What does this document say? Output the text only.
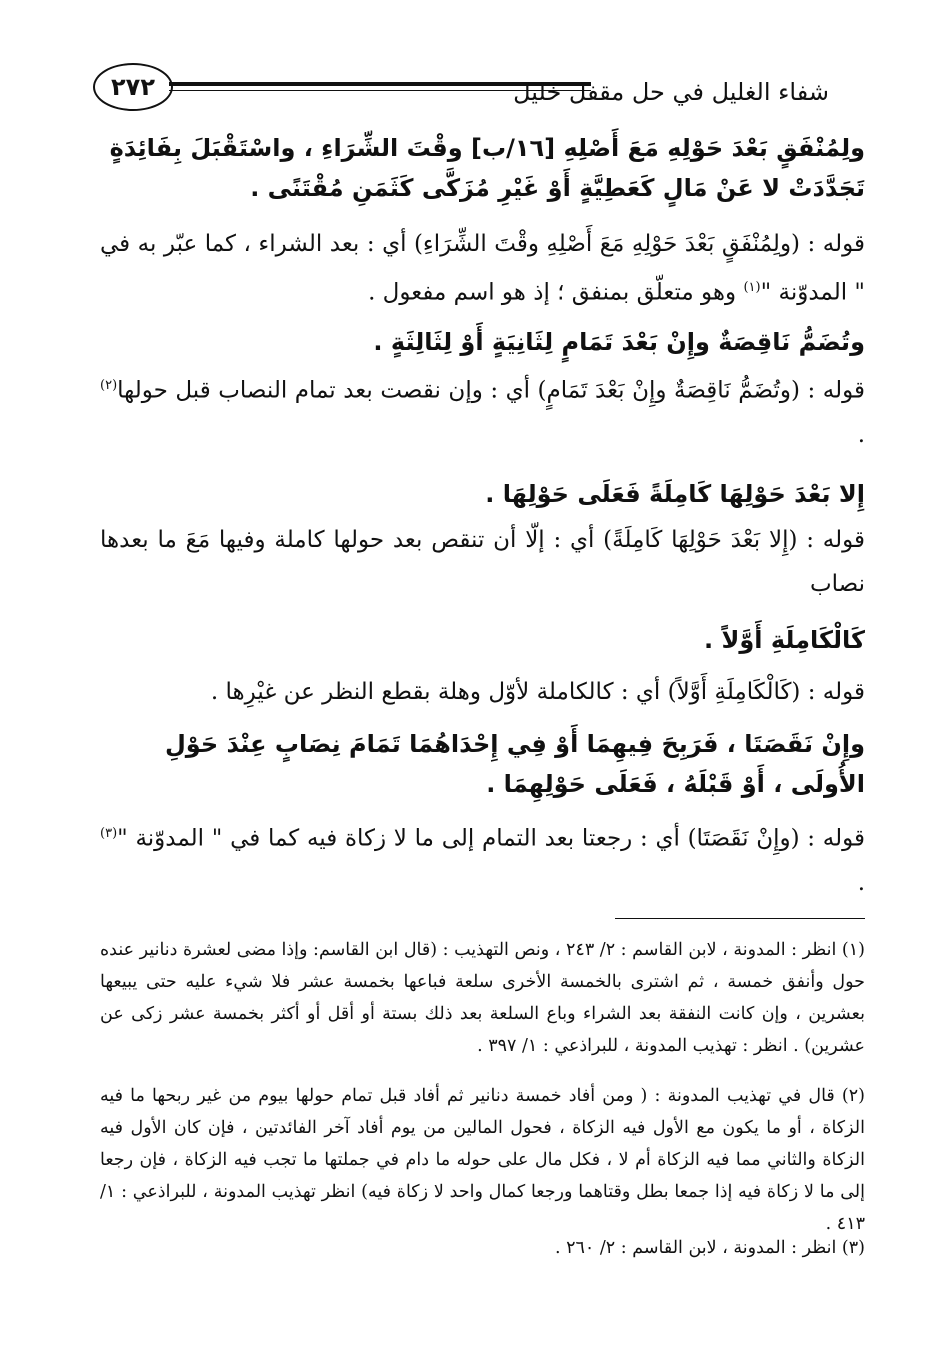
٢٧٢	شفاء الغليل في حل مقفل خليل
ولِمُنْفَقٍ بَعْدَ حَوْلِهِ مَعَ أَصْلِهِ [١٦/ب] وقْتَ الشِّرَاءِ ، واسْتَقْبَلَ بِفَائِدَةٍ تَجَدَّدَتْ لا عَنْ مَالٍ كَعَطِيَّةٍ أَوْ غَيْرِ مُزَكَّى كَثَمَنِ مُقْتَنًى .
قوله : (ولِمُنْفَقٍ بَعْدَ حَوْلِهِ مَعَ أَصْلِهِ وقْتَ الشِّرَاءِ) أي : بعد الشراء ، كما عبّر به في " المدوّنة "$^{(١)}$ وهو متعلّق بمنفق ؛ إذ هو اسم مفعول .
وتُضَمُّ نَاقِصَةٌ وإِنْ بَعْدَ تَمَامٍ لِثَانِيَةٍ أَوْ لِثَالِثَةٍ .
قوله : (وتُضَمُّ نَاقِصَةٌ وإِنْ بَعْدَ تَمَامٍ) أي : وإن نقصت بعد تمام النصاب قبل حولها$^{(٢)}$ .
إِلا بَعْدَ حَوْلِهَا كَامِلَةً فَعَلَى حَوْلِهَا .
قوله : (إِلا بَعْدَ حَوْلِهَا كَامِلَةً) أي : إلّا أن تنقص بعد حولها كاملة وفيها مَعَ ما بعدها نصاب
كَالْكَامِلَةِ أَوَّلاً .
قوله : (كَالْكَامِلَةِ أَوَّلاً) أي : كالكاملة لأوّل وهلة بقطع النظر عن غيْرِها .
وإِنْ نَقَصَتَا ، فَرَبِحَ فِيهِمَا أَوْ فِي إِحْدَاهُمَا تَمَامَ نِصَابٍ عِنْدَ حَوْلِ الأُولَى ، أَوْ قَبْلَهُ ، فَعَلَى حَوْلِهِمَا .
قوله : (وإِنْ نَقَصَتَا) أي : رجعتا بعد التمام إلى ما لا زكاة فيه كما في " المدوّنة "$^{(٣)}$ .
(١) انظر : المدونة ، لابن القاسم : ٢/ ٢٤٣ ، ونص التهذيب : (قال ابن القاسم: وإذا مضى لعشرة دنانير عنده حول وأنفق خمسة ، ثم اشترى بالخمسة الأخرى سلعة فباعها بخمسة عشر فلا شيء عليه حتى يبيعها بعشرين ، وإن كانت النفقة بعد الشراء وباع السلعة بعد ذلك بستة أو أقل أو أكثر بخمسة عشر زكى عن عشرين) . انظر : تهذيب المدونة ، للبراذعي : ١/ ٣٩٧ .
(٢) قال في تهذيب المدونة : ( ومن أفاد خمسة دنانير ثم أفاد قبل تمام حولها بيوم من غير ربحها ما فيه الزكاة ، أو ما يكون مع الأول فيه الزكاة ، فحول المالين من يوم أفاد آخر الفائدتين ، فإن كان الأول فيه الزكاة والثاني مما فيه الزكاة أم لا ، فكل مال على حوله ما دام في جملتها ما تجب فيه الزكاة ، فإن رجعا إلى ما لا زكاة فيه إذا جمعا بطل وقتاهما ورجعا كمال واحد لا زكاة فيه) انظر تهذيب المدونة ، للبراذعي : ١/ ٤١٣ .
(٣) انظر : المدونة ، لابن القاسم : ٢/ ٢٦٠ .
